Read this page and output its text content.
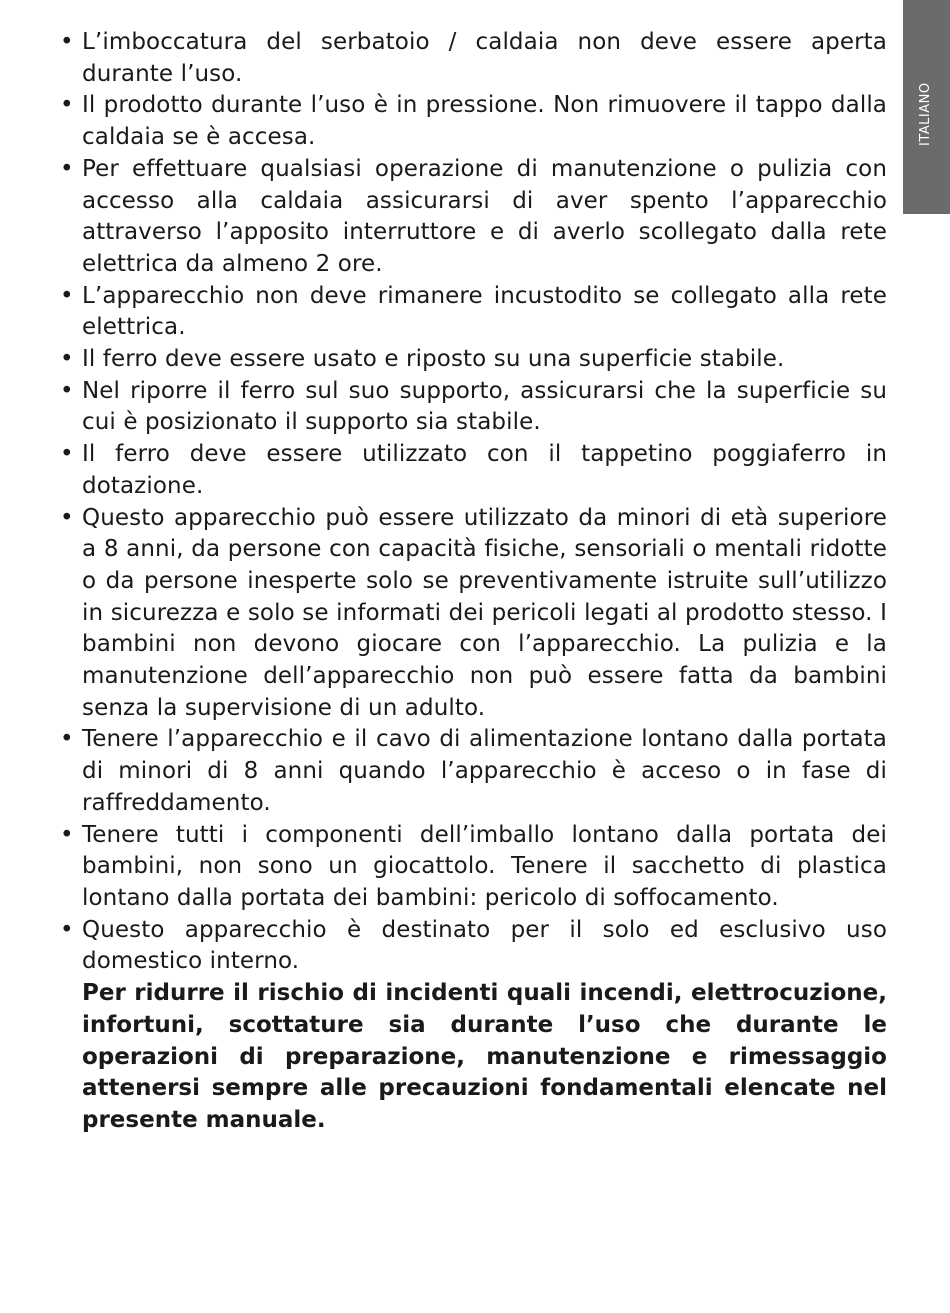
ITALIANO
• L’imboccatura del serbatoio / caldaia non deve essere aperta durante l’uso.
• Il prodotto durante l’uso è in pressione. Non rimuovere il tappo dalla caldaia se è accesa.
• Per effettuare qualsiasi operazione di manutenzione o pulizia con accesso alla caldaia assicurarsi di aver spento l’apparecchio attraverso l’apposito interruttore e di averlo scollegato dalla rete elettrica da almeno 2 ore.
• L’apparecchio non deve rimanere incustodito se collegato alla rete elettrica.
• Il ferro deve essere usato e riposto su una superficie stabile.
• Nel riporre il ferro sul suo supporto, assicurarsi che la superficie su cui è posizionato il supporto sia stabile.
• Il ferro deve essere utilizzato con il tappetino poggiaferro in dotazione.
• Questo apparecchio può essere utilizzato da minori di età superiore a 8 anni, da persone con capacità fisiche, sensoriali o mentali ridotte o da persone inesperte solo se preventivamente istruite sull’utilizzo in sicurezza e solo se informati dei pericoli legati al prodotto stesso. I bambini non devono giocare con l’apparecchio. La pulizia e la manutenzione dell’apparecchio non può essere fatta da bambini senza la supervisione di un adulto.
• Tenere l’apparecchio e il cavo di alimentazione lontano dalla portata di minori di 8 anni quando l’apparecchio è acceso o in fase di raffreddamento.
• Tenere tutti i componenti dell’imballo lontano dalla portata dei bambini, non sono un giocattolo. Tenere il sacchetto di plastica lontano dalla portata dei bambini: pericolo di soffocamento.
• Questo apparecchio è destinato per il solo ed esclusivo uso domestico interno.

Per ridurre il rischio di incidenti quali incendi, elettrocuzione, infortuni, scottature sia durante l’uso che durante le operazioni di preparazione, manutenzione e rimessaggio attenersi sempre alle precauzioni fondamentali elencate nel presente manuale.
